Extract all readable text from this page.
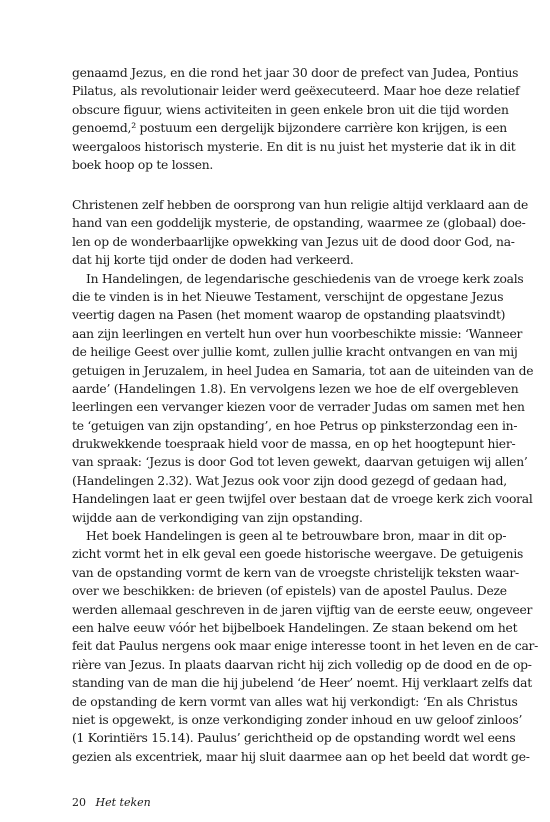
genaamd Jezus, en die rond het jaar 30 door de prefect van Judea, Pontius
Pilatus, als revolutionair leider werd geëxecuteerd. Maar hoe deze relatief
obscure figuur, wiens activiteiten in geen enkele bron uit die tijd worden
genoemd,² postuum een dergelijk bijzondere carrière kon krijgen, is een
weergaloos historisch mysterie. En dit is nu juist het mysterie dat ik in dit
boek hoop op te lossen.

Christenen zelf hebben de oorsprong van hun religie altijd verklaard aan de
hand van een goddelijk mysterie, de opstanding, waarmee ze (globaal) doe-
len op de wonderbaarlijke opwekking van Jezus uit de dood door God, na-
dat hij korte tijd onder de doden had verkeerd.

In Handelingen, de legendarische geschiedenis van de vroege kerk zoals
die te vinden is in het Nieuwe Testament, verschijnt de opgestane Jezus
veertig dagen na Pasen (het moment waarop de opstanding plaatsvindt)
aan zijn leerlingen en vertelt hun over hun voorbeschikte missie: ‘Wanneer
de heilige Geest over jullie komt, zullen jullie kracht ontvangen en van mij
getuigen in Jeruzalem, in heel Judea en Samaria, tot aan de uiteinden van de
aarde’ (Handelingen 1.8). En vervolgens lezen we hoe de elf overgebleven
leerlingen een vervanger kiezen voor de verrader Judas om samen met hen
te ‘getuigen van zijn opstanding’, en hoe Petrus op pinksterzondag een in-
drukwekkende toespraak hield voor de massa, en op het hoogtepunt hier-
van spraak: ‘Jezus is door God tot leven gewekt, daarvan getuigen wij allen’
(Handelingen 2.32). Wat Jezus ook voor zijn dood gezegd of gedaan had,
Handelingen laat er geen twijfel over bestaan dat de vroege kerk zich vooral
wijdde aan de verkondiging van zijn opstanding.

Het boek Handelingen is geen al te betrouwbare bron, maar in dit op-
zicht vormt het in elk geval een goede historische weergave. De getuigenis
van de opstanding vormt de kern van de vroegste christelijk teksten waar-
over we beschikken: de brieven (of epistels) van de apostel Paulus. Deze
werden allemaal geschreven in de jaren vijftig van de eerste eeuw, ongeveer
een halve eeuw vóór het bijbelboek Handelingen. Ze staan bekend om het
feit dat Paulus nergens ook maar enige interesse toont in het leven en de car-
rière van Jezus. In plaats daarvan richt hij zich volledig op de dood en de op-
standing van de man die hij jubelend ‘de Heer’ noemt. Hij verklaart zelfs dat
de opstanding de kern vormt van alles wat hij verkondigt: ‘En als Christus
niet is opgewekt, is onze verkondiging zonder inhoud en uw geloof zinloos’
(1 Korintiërs 15.14). Paulus’ gerichtheid op de opstanding wordt wel eens
gezien als excentriek, maar hij sluit daarmee aan op het beeld dat wordt ge-

20 Het teken
